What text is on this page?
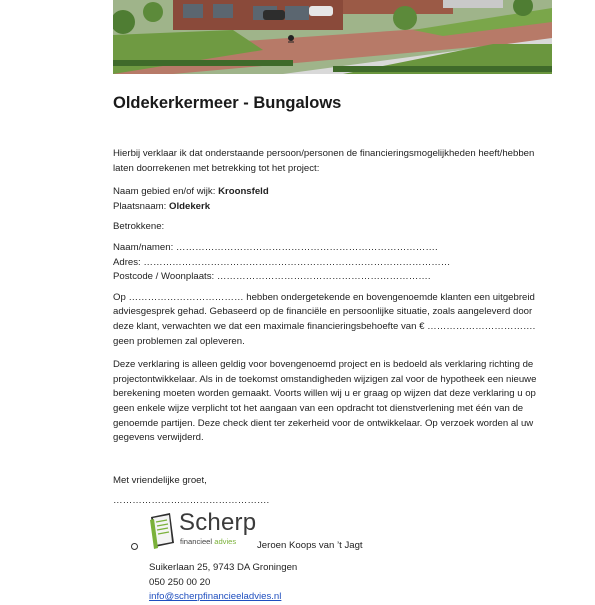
Oldekerkermeer - Bungalows

Hierbij verklaar ik dat onderstaande persoon/personen de financieringsmogelijkheden heeft/hebben laten doorrekenen met betrekking tot het project:

Naam gebied en/of wijk: Kroonsfeld

Plaatsnaam: Oldekerk

Betrokkene:

Naam/namen: ……………………………………………………………………….

Adres: ……………………………………………………………………………………

Postcode / Woonplaats: ………………………………………………………….

Op ……………………………… hebben ondergetekende en bovengenoemde klanten een uitgebreid adviesgesprek gehad. Gebaseerd op de financiële en persoonlijke situatie, zoals aangeleverd door deze klant, verwachten we dat een maximale financieringsbehoefte van € ……………………………. geen problemen zal opleveren.

Deze verklaring is alleen geldig voor bovengenoemd project en is bedoeld als verklaring richting de projectontwikkelaar. Als in de toekomst omstandigheden wijzigen zal voor de hypotheek een nieuwe berekening moeten worden gemaakt. Voorts willen wij u er graag op wijzen dat deze verklaring u op geen enkele wijze verplicht tot het aangaan van een opdracht tot dienstverlening met één van de genoemde partijen. Deze check dient ter zekerheid voor de ontwikkelaar. Op verzoek worden al uw gegevens verwijderd.

Met vriendelijke groet,

………………………………………….

Scherp
financieel advies Jeroen Koops van ’t Jagt
Suikerlaan 25, 9743 DA Groningen
050 250 00 20
info@scherpfinancieeladvies.nl
